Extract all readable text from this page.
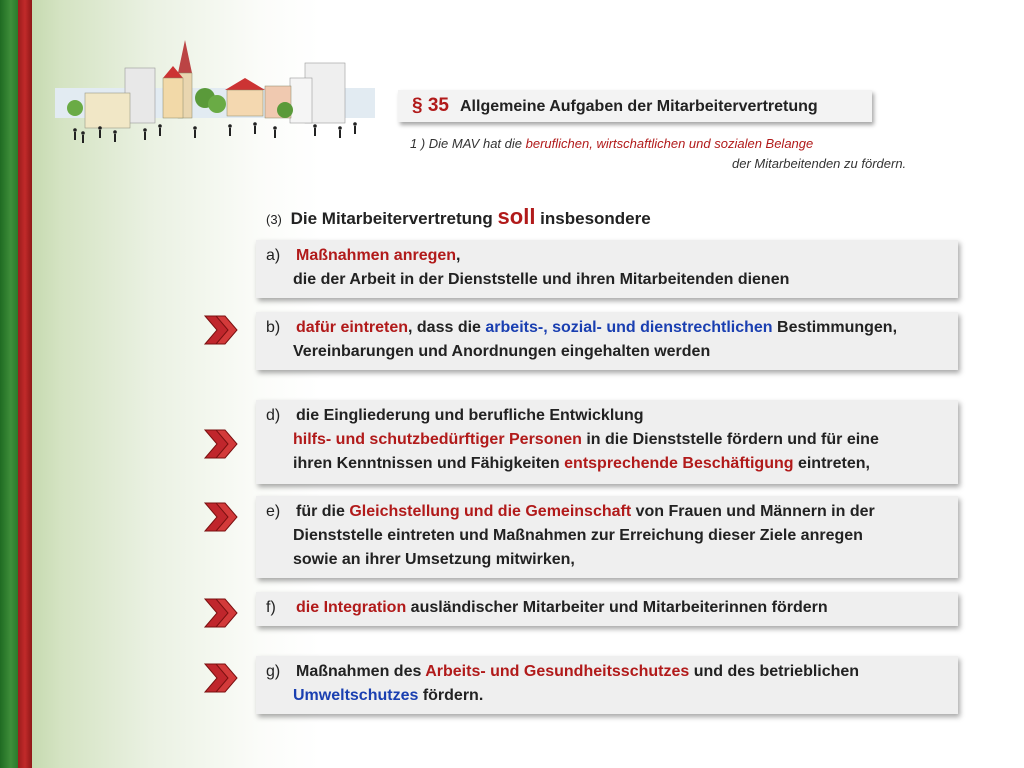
§ 35 Allgemeine Aufgaben der Mitarbeitervertretung
1 ) Die MAV hat die beruflichen, wirtschaftlichen und sozialen Belange
der Mitarbeitenden zu fördern.
(3) Die Mitarbeitervertretung soll insbesondere
a) Maßnahmen anregen,
die der Arbeit in der Dienststelle und ihren Mitarbeitenden dienen
b) dafür eintreten, dass die arbeits-, sozial- und dienstrechtlichen Bestimmungen,
Vereinbarungen und Anordnungen eingehalten werden
d) die Eingliederung und berufliche Entwicklung
hilfs- und schutzbedürftiger Personen in die Dienststelle fördern und für eine
ihren Kenntnissen und Fähigkeiten entsprechende Beschäftigung eintreten,
e) für die Gleichstellung und die Gemeinschaft von Frauen und Männern in der
Dienststelle eintreten und Maßnahmen zur Erreichung dieser Ziele anregen
sowie an ihrer Umsetzung mitwirken,
f) die Integration ausländischer Mitarbeiter und Mitarbeiterinnen fördern
g) Maßnahmen des Arbeits- und Gesundheitsschutzes und des betrieblichen
Umweltschutzes fördern.
